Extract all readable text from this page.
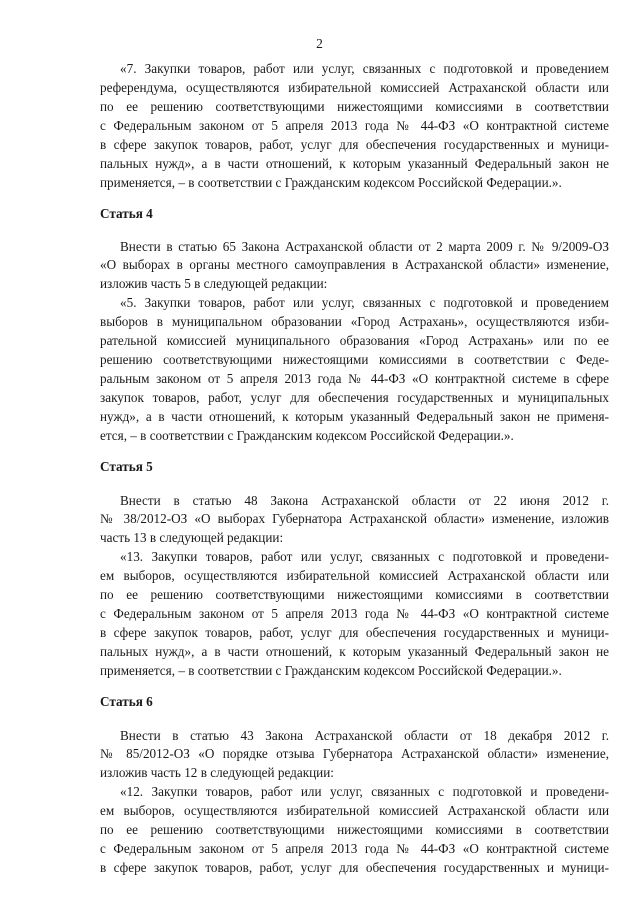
2
«7. Закупки товаров, работ или услуг, связанных с подготовкой и проведением
референдума, осуществляются избирательной комиссией Астраханской области или
по ее решению соответствующими нижестоящими комиссиями в соответствии
с Федеральным законом от 5 апреля 2013 года № 44-ФЗ «О контрактной системе
в сфере закупок товаров, работ, услуг для обеспечения государственных и муници-
пальных нужд», а в части отношений, к которым указанный Федеральный закон не
применяется, – в соответствии с Гражданским кодексом Российской Федерации.».
Статья 4
Внести в статью 65 Закона Астраханской области от 2 марта 2009 г. № 9/2009-ОЗ
«О выборах в органы местного самоуправления в Астраханской области» изменение,
изложив часть 5 в следующей редакции:
«5. Закупки товаров, работ или услуг, связанных с подготовкой и проведением
выборов в муниципальном образовании «Город Астрахань», осуществляются изби-
рательной комиссией муниципального образования «Город Астрахань» или по ее
решению соответствующими нижестоящими комиссиями в соответствии с Феде-
ральным законом от 5 апреля 2013 года № 44-ФЗ «О контрактной системе в сфере
закупок товаров, работ, услуг для обеспечения государственных и муниципальных
нужд», а в части отношений, к которым указанный Федеральный закон не применя-
ется, – в соответствии с Гражданским кодексом Российской Федерации.».
Статья 5
Внести в статью 48 Закона Астраханской области от 22 июня 2012 г.
№ 38/2012-ОЗ «О выборах Губернатора Астраханской области» изменение, изложив
часть 13 в следующей редакции:
«13. Закупки товаров, работ или услуг, связанных с подготовкой и проведени-
ем выборов, осуществляются избирательной комиссией Астраханской области или
по ее решению соответствующими нижестоящими комиссиями в соответствии
с Федеральным законом от 5 апреля 2013 года № 44-ФЗ «О контрактной системе
в сфере закупок товаров, работ, услуг для обеспечения государственных и муници-
пальных нужд», а в части отношений, к которым указанный Федеральный закон не
применяется, – в соответствии с Гражданским кодексом Российской Федерации.».
Статья 6
Внести в статью 43 Закона Астраханской области от 18 декабря 2012 г.
№ 85/2012-ОЗ «О порядке отзыва Губернатора Астраханской области» изменение,
изложив часть 12 в следующей редакции:
«12. Закупки товаров, работ или услуг, связанных с подготовкой и проведени-
ем выборов, осуществляются избирательной комиссией Астраханской области или
по ее решению соответствующими нижестоящими комиссиями в соответствии
с Федеральным законом от 5 апреля 2013 года № 44-ФЗ «О контрактной системе
в сфере закупок товаров, работ, услуг для обеспечения государственных и муници-
